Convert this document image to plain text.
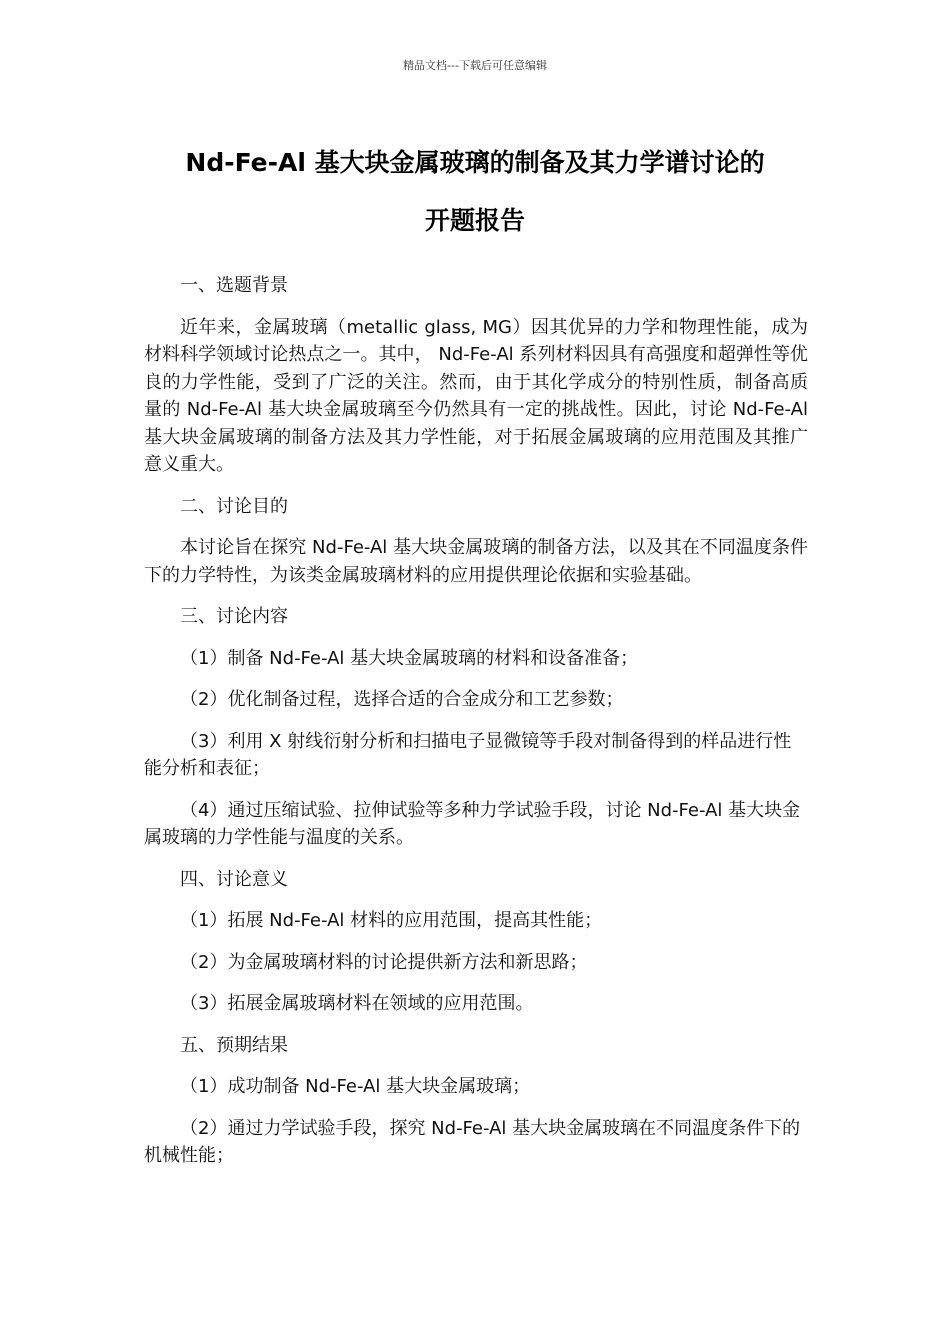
精品文档---下载后可任意编辑
Nd-Fe-Al 基大块金属玻璃的制备及其力学谱讨论的
开题报告

一、选题背景

近年来，金属玻璃（metallic glass, MG）因其优异的力学和物理性能，成为材料科学领域讨论热点之一。其中， Nd-Fe-Al 系列材料因具有高强度和超弹性等优良的力学性能，受到了广泛的关注。然而，由于其化学成分的特别性质，制备高质量的 Nd-Fe-Al 基大块金属玻璃至今仍然具有一定的挑战性。因此，讨论 Nd-Fe-Al 基大块金属玻璃的制备方法及其力学性能，对于拓展金属玻璃的应用范围及其推广意义重大。

二、讨论目的

本讨论旨在探究 Nd-Fe-Al 基大块金属玻璃的制备方法，以及其在不同温度条件下的力学特性，为该类金属玻璃材料的应用提供理论依据和实验基础。

三、讨论内容

（1）制备 Nd-Fe-Al 基大块金属玻璃的材料和设备准备；

（2）优化制备过程，选择合适的合金成分和工艺参数；

（3）利用 X 射线衍射分析和扫描电子显微镜等手段对制备得到的样品进行性能分析和表征；

（4）通过压缩试验、拉伸试验等多种力学试验手段，讨论 Nd-Fe-Al 基大块金属玻璃的力学性能与温度的关系。

四、讨论意义

（1）拓展 Nd-Fe-Al 材料的应用范围，提高其性能；

（2）为金属玻璃材料的讨论提供新方法和新思路；

（3）拓展金属玻璃材料在领域的应用范围。

五、预期结果

（1）成功制备 Nd-Fe-Al 基大块金属玻璃；

（2）通过力学试验手段，探究 Nd-Fe-Al 基大块金属玻璃在不同温度条件下的机械性能；
